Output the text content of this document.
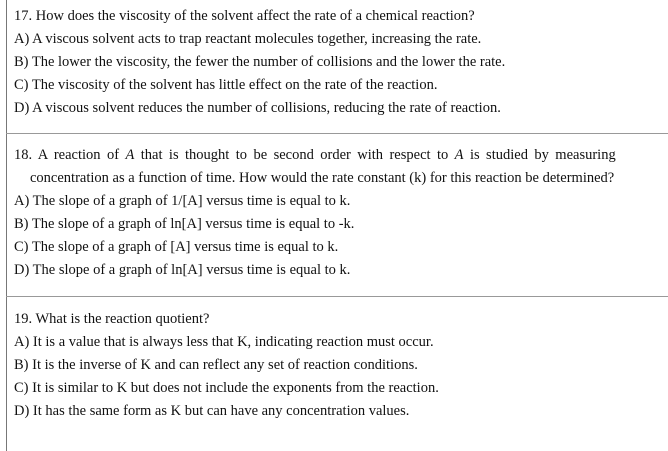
17. How does the viscosity of the solvent affect the rate of a chemical reaction?
A) A viscous solvent acts to trap reactant molecules together, increasing the rate.
B) The lower the viscosity, the fewer the number of collisions and the lower the rate.
C) The viscosity of the solvent has little effect on the rate of the reaction.
D) A viscous solvent reduces the number of collisions, reducing the rate of reaction.
18. A reaction of A that is thought to be second order with respect to A is studied by measuring
concentration as a function of time. How would the rate constant (k) for this reaction be determined?
A) The slope of a graph of 1/[A] versus time is equal to k.
B) The slope of a graph of ln[A] versus time is equal to -k.
C) The slope of a graph of [A] versus time is equal to k.
D) The slope of a graph of ln[A] versus time is equal to k.
19. What is the reaction quotient?
A) It is a value that is always less that K, indicating reaction must occur.
B) It is the inverse of K and can reflect any set of reaction conditions.
C) It is similar to K but does not include the exponents from the reaction.
D) It has the same form as K but can have any concentration values.
